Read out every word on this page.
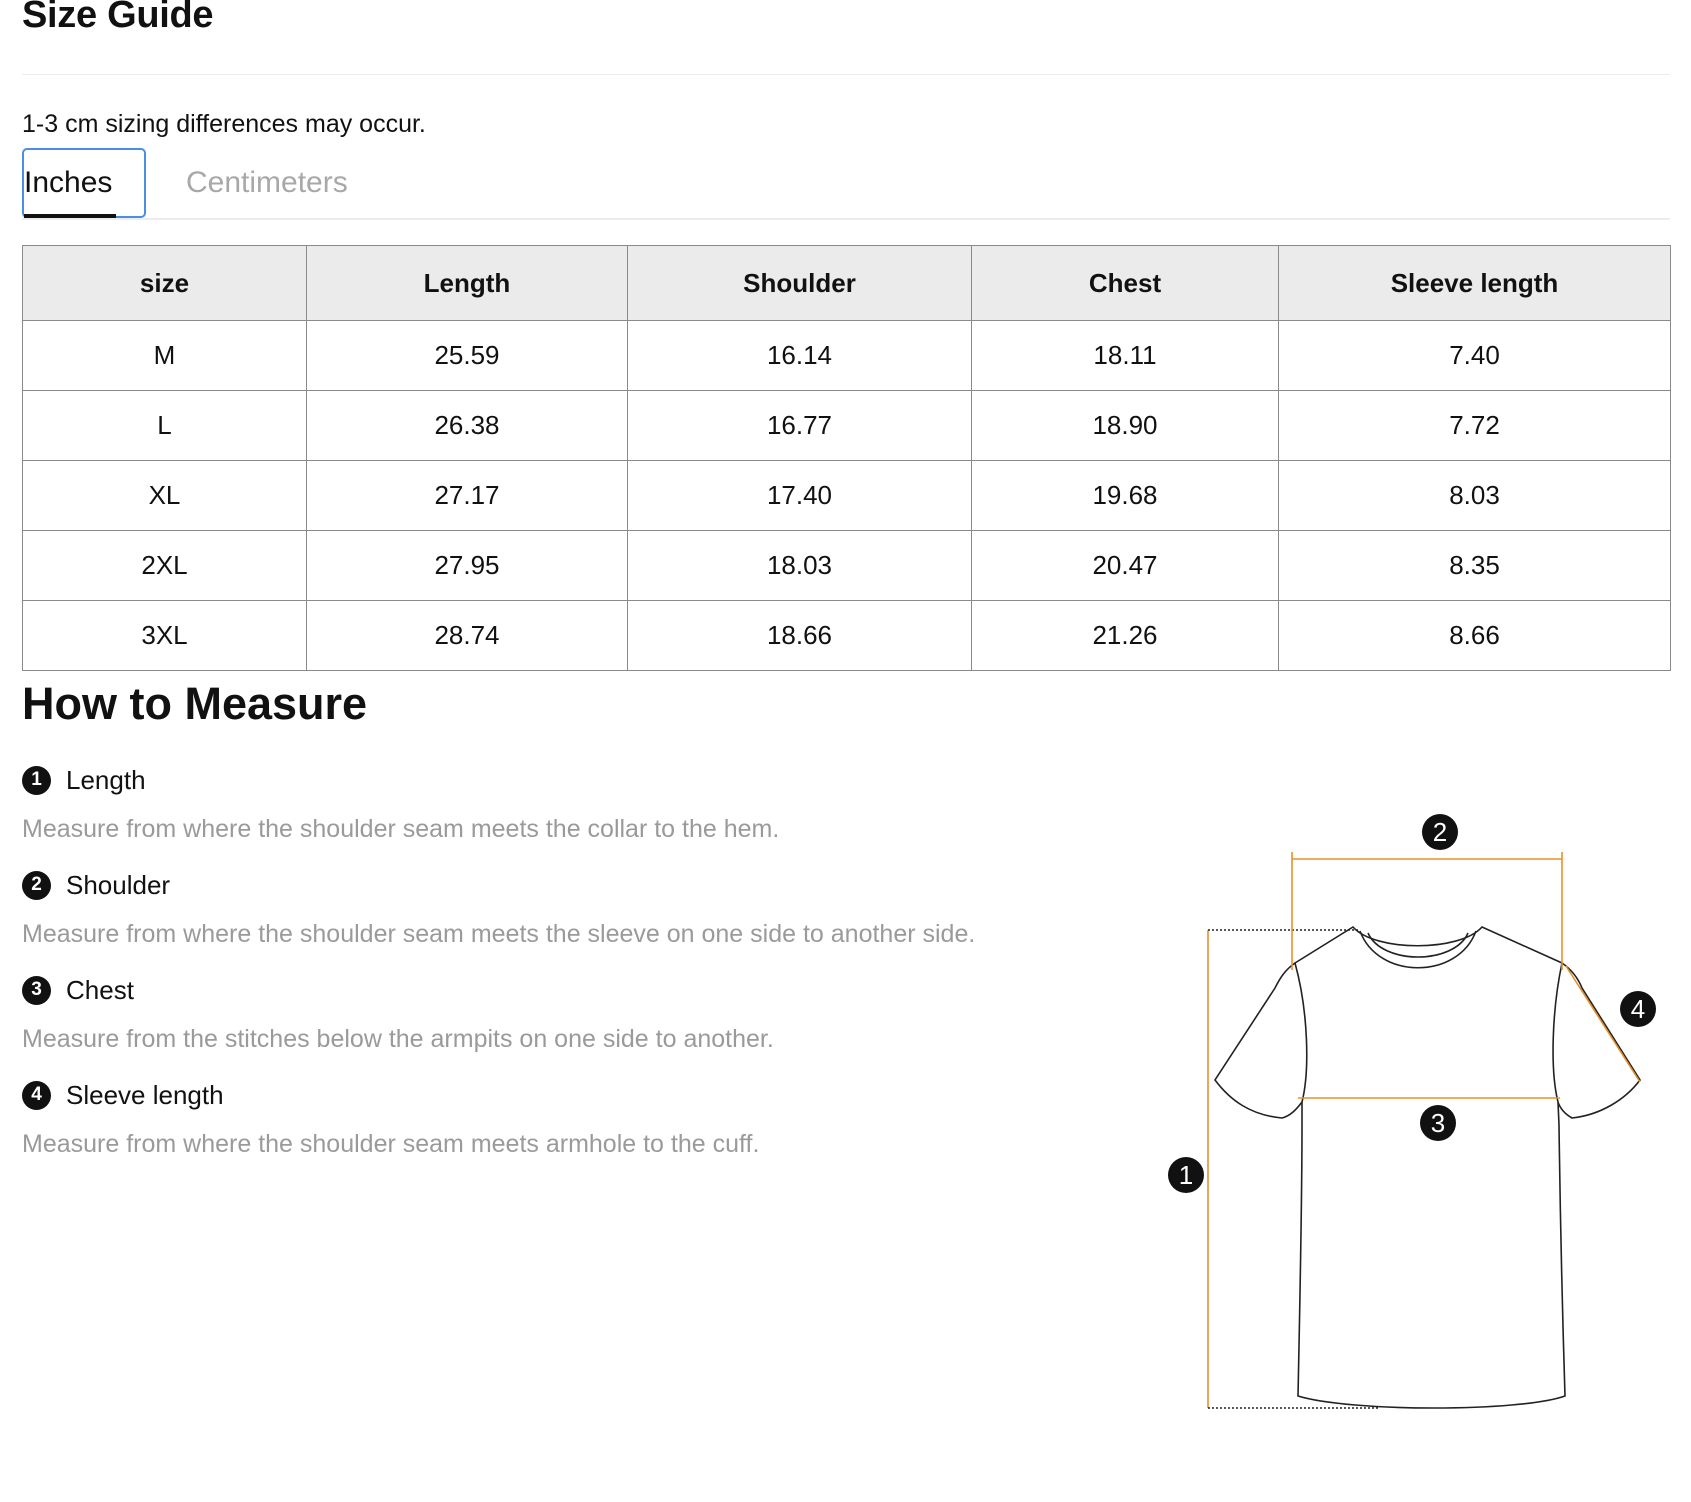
Size Guide
1-3 cm sizing differences may occur.
Inches Centimeters
size	Length	Shoulder	Chest	Sleeve length
M	25.59	16.14	18.11	7.40
L	26.38	16.77	18.90	7.72
XL	27.17	17.40	19.68	8.03
2XL	27.95	18.03	20.47	8.35
3XL	28.74	18.66	21.26	8.66
How to Measure
1 Length
Measure from where the shoulder seam meets the collar to the hem.
2 Shoulder
Measure from where the shoulder seam meets the sleeve on one side to another side.
3 Chest
Measure from the stitches below the armpits on one side to another.
4 Sleeve length
Measure from where the shoulder seam meets armhole to the cuff.
1
2
3
4
